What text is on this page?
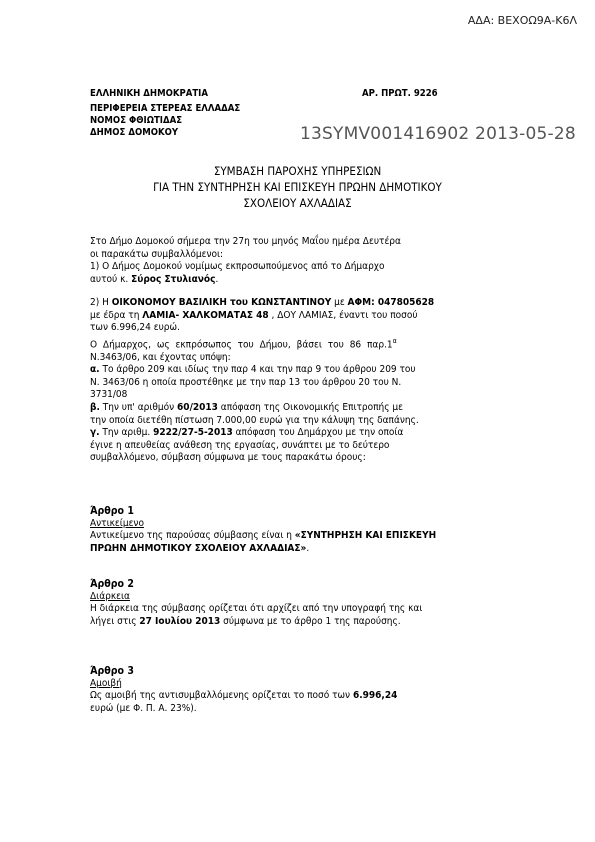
ΑΔΑ: ΒΕΧΟΩ9Α-Κ6Λ
ΕΛΛΗΝΙΚΗ ΔΗΜΟΚΡΑΤΙΑ
ΠΕΡΙΦΕΡΕΙΑ ΣΤΕΡΕΑΣ ΕΛΛΑΔΑΣ
ΝΟΜΟΣ ΦΘΙΩΤΙΔΑΣ
ΔΗΜΟΣ ΔΟΜΟΚΟΥ
ΑΡ. ΠΡΩΤ. 9226
13SYMV001416902 2013-05-28
ΣΥΜΒΑΣΗ ΠΑΡΟΧΗΣ ΥΠΗΡΕΣΙΩΝ
ΓΙΑ ΤΗΝ ΣΥΝΤΗΡΗΣΗ ΚΑΙ ΕΠΙΣΚΕΥΗ ΠΡΩΗΝ ΔΗΜΟΤΙΚΟΥ
ΣΧΟΛΕΙΟΥ ΑΧΛΑΔΙΑΣ

Στο Δήμο Δομοκού σήμερα την 27η του μηνός Μαΐου ημέρα Δευτέρα

οι παρακάτω συμβαλλόμενοι:

1) Ο Δήμος Δομοκού νομίμως εκπροσωπούμενος από το Δήμαρχο

αυτού κ. Σύρος Στυλιανός.

2) Η ΟΙΚΟΝΟΜΟΥ ΒΑΣΙΛΙΚΗ του ΚΩΝΣΤΑΝΤΙΝΟΥ με ΑΦΜ: 047805628

με έδρα τη ΛΑΜΙΑ- ΧΑΛΚΟΜΑΤΑΣ 48 , ΔΟΥ ΛΑΜΙΑΣ, έναντι του ποσού

των 6.996,24 ευρώ.

Ο Δήμαρχος, ως εκπρόσωπος του Δήμου, βάσει του 86 $\pi\alpha\rho.1^\alpha$

Ν.3463/06, και έχοντας υπόψη:

α. Το άρθρο 209 και ιδίως την παρ 4 και την παρ 9 του άρθρου 209 του

Ν. 3463/06 η οποία προστέθηκε με την παρ 13 του άρθρου 20 του Ν.

3731/08

β. Την υπ' αριθμόν 60/2013 απόφαση της Οικονομικής Επιτροπής με

την οποία διετέθη πίστωση 7.000,00 ευρώ για την κάλυψη της δαπάνης.

γ. Την αριθμ. 9222/27-5-2013 απόφαση του Δημάρχου με την οποία

έγινε η απευθείας ανάθεση της εργασίας, συνάπτει με το δεύτερο

συμβαλλόμενο, σύμβαση σύμφωνα με τους παρακάτω όρους:

Άρθρο 1

Αντικείμενο

Αντικείμενο της παρούσας σύμβασης είναι η «ΣΥΝΤΗΡΗΣΗ ΚΑΙ ΕΠΙΣΚΕΥΗ

ΠΡΩΗΝ ΔΗΜΟΤΙΚΟΥ ΣΧΟΛΕΙΟΥ ΑΧΛΑΔΙΑΣ».

Άρθρο 2

Διάρκεια

Η διάρκεια της σύμβασης ορίζεται ότι αρχίζει από την υπογραφή της και

λήγει στις 27 Ιουλίου 2013 σύμφωνα με το άρθρο 1 της παρούσης.

Άρθρο 3

Αμοιβή

Ως αμοιβή της αντισυμβαλλόμενης ορίζεται το ποσό των 6.996,24

ευρώ (με Φ. Π. Α. 23%).
